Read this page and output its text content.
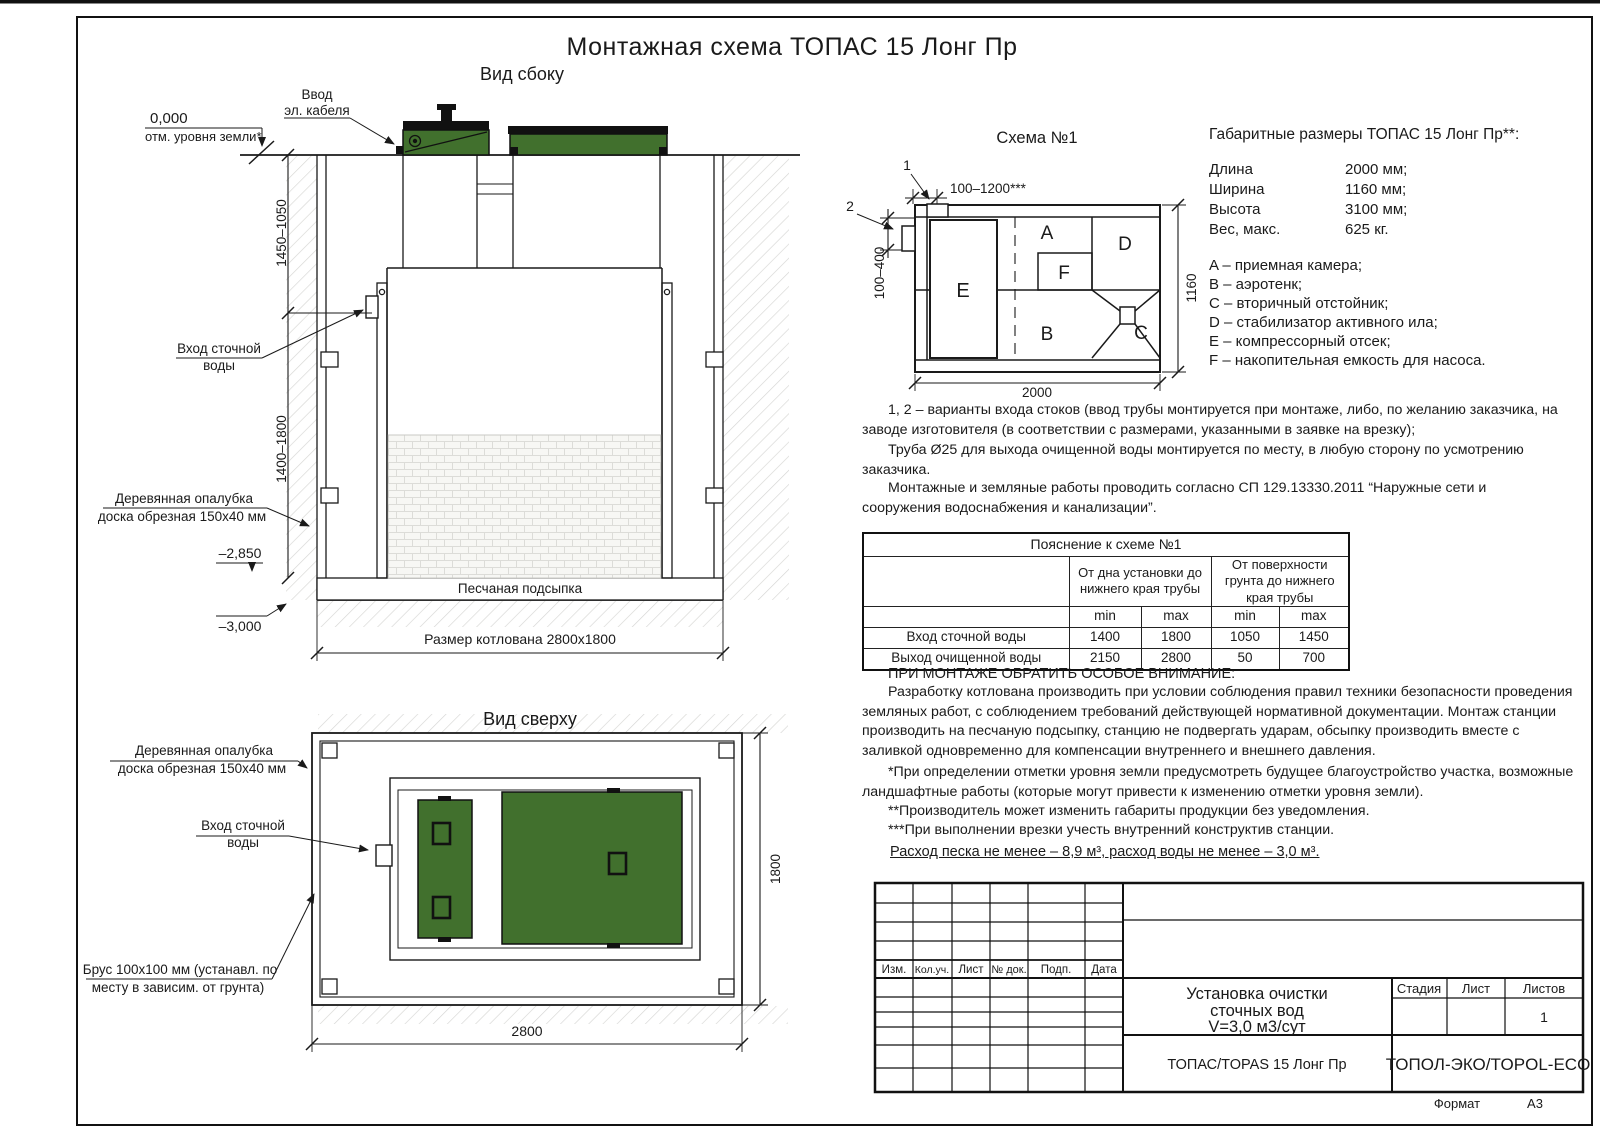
Вид сбоку
0,000
отм. уровня земли*
Ввод
эл. кабеля
1450–1050
1400–1800
Вход сточной
воды
Деревянная опалубка
доска обрезная 150х40 мм
–2,850
–3,000
Песчаная подсыпка
Размер котлована 2800х1800
Вид сверху
Деревянная опалубка
доска обрезная 150х40 мм
Вход сточной
воды
Брус 100х100 мм (устанавл. по
месту в зависим. от грунта)
1800
2800
Схема №1
1
2
100–1200***
100–400
2000
1160
E
A
F
B
D
C
Изм. Кол.уч. Лист № док. Подп. Дата
Стадия Лист	Листов
1
Установка очистки
сточных вод
V=3,0 м3/сут
ТОПАС/TOPAS 15 Лонг Пр ТОПОЛ-ЭКО/TOPOL-ECO
Формат	А3
Монтажная схема ТОПАС 15 Лонг Пр
Габаритные размеры ТОПАС 15 Лонг Пр**:
Длина	2000 мм;
Ширина	1160 мм;
Высота	3100 мм;
Вес, макс.	625 кг.
A – приемная камера;
B – аэротенк;
C – вторичный отстойник;
D – стабилизатор активного ила;
E – компрессорный отсек;
F – накопительная емкость для насоса.
1, 2 – варианты входа стоков (ввод трубы монтируется при монтаже, либо, по желанию заказчика, на заводе изготовителя (в соответствии с размерами, указанными в заявке на врезку);
Труба Ø25 для выхода очищенной воды монтируется по месту, в любую сторону по усмотрению заказчика.
Монтажные и земляные работы проводить согласно СП 129.13330.2011 “Наружные сети и сооружения водоснабжения и канализации”.
Пояснение к схеме №1				
	От дна установки до нижнего края трубы		От поверхности грунта до нижнего края трубы	
	min	max	min	max
Вход сточной воды	1400	1800	1050	1450
Выход очищенной воды	2150	2800	50	700
ПРИ МОНТАЖЕ ОБРАТИТЬ ОСОБОЕ ВНИМАНИЕ:
Разработку котлована производить при условии соблюдения правил техники безопасности проведения земляных работ, с соблюдением требований действующей нормативной документации. Монтаж станции производить на песчаную подсыпку, станцию не подвергать ударам, обсыпку производить вместе с заливкой одновременно для компенсации внутреннего и внешнего давления.
*При определении отметки уровня земли предусмотреть будущее благоустройство участка, возможные ландшафтные работы (которые могут привести к изменению отметки уровня земли).
**Производитель может изменить габариты продукции без уведомления.
***При выполнении врезки учесть внутренний конструктив станции.
Расход песка не менее – 8,9 м³, расход воды не менее – 3,0 м³.
